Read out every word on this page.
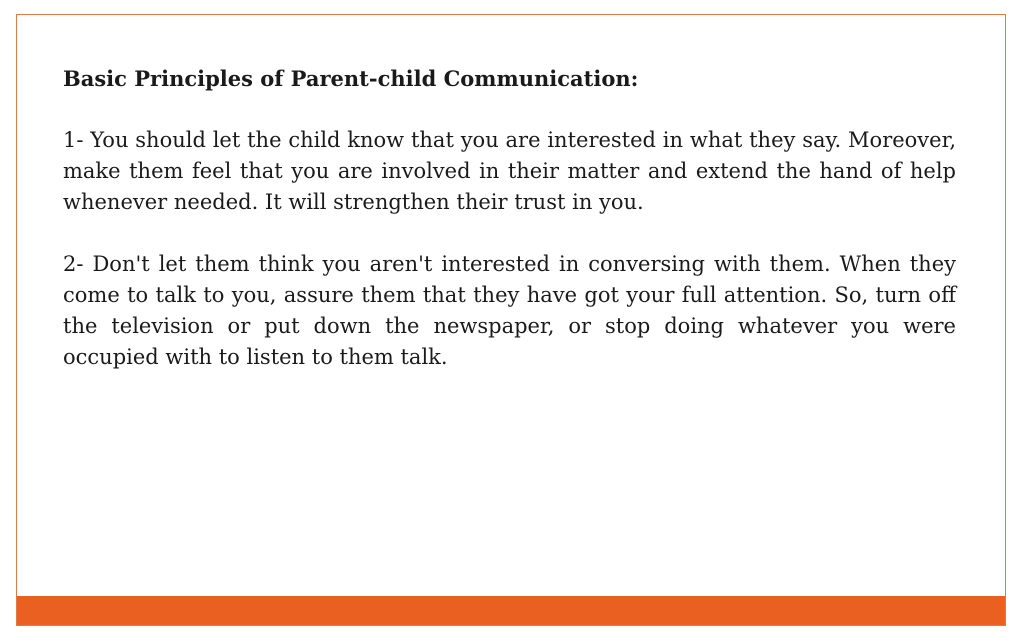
Basic Principles of Parent-child Communication:

1- You should let the child know that you are interested in what they say. Moreover, make them feel that you are involved in their matter and extend the hand of help whenever needed. It will strengthen their trust in you.

2- Don't let them think you aren't interested in conversing with them. When they come to talk to you, assure them that they have got your full attention. So, turn off the television or put down the newspaper, or stop doing whatever you were occupied with to listen to them talk.
